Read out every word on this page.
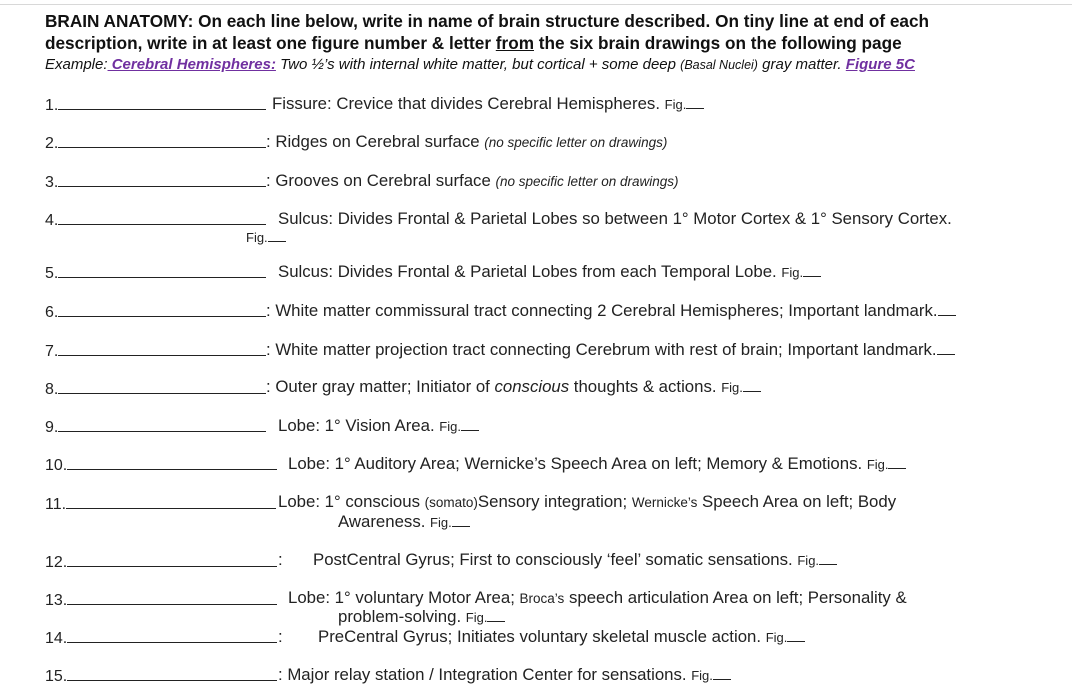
BRAIN ANATOMY: On each line below, write in name of brain structure described. On tiny line at end of each
description, write in at least one figure number & letter from the six brain drawings on the following page
Example: Cerebral Hemispheres: Two ½’s with internal white matter, but cortical + some deep (Basal Nuclei) gray matter. Figure 5C
1.	Fissure: Crevice that divides Cerebral Hemispheres. Fig.
2.	: Ridges on Cerebral surface (no specific letter on drawings)
3.	: Grooves on Cerebral surface (no specific letter on drawings)
4.	Sulcus: Divides Frontal & Parietal Lobes so between 1° Motor Cortex & 1° Sensory Cortex.
Fig.
5.	Sulcus: Divides Frontal & Parietal Lobes from each Temporal Lobe. Fig.
6.	: White matter commissural tract connecting 2 Cerebral Hemispheres; Important landmark.
7.	: White matter projection tract connecting Cerebrum with rest of brain; Important landmark.
8.	: Outer gray matter; Initiator of conscious thoughts & actions. Fig.
9.	Lobe: 1° Vision Area. Fig.
10.	Lobe: 1° Auditory Area; Wernicke’s Speech Area on left; Memory & Emotions. Fig.
11.	Lobe: 1° conscious (somato)Sensory integration; Wernicke’s Speech Area on left; Body
Awareness. Fig.
12.	: PostCentral Gyrus; First to consciously ‘feel’ somatic sensations. Fig.
13.	Lobe: 1° voluntary Motor Area; Broca’s speech articulation Area on left; Personality &
problem-solving. Fig.
14.	: PreCentral Gyrus; Initiates voluntary skeletal muscle action. Fig.
15.	: Major relay station / Integration Center for sensations. Fig.
